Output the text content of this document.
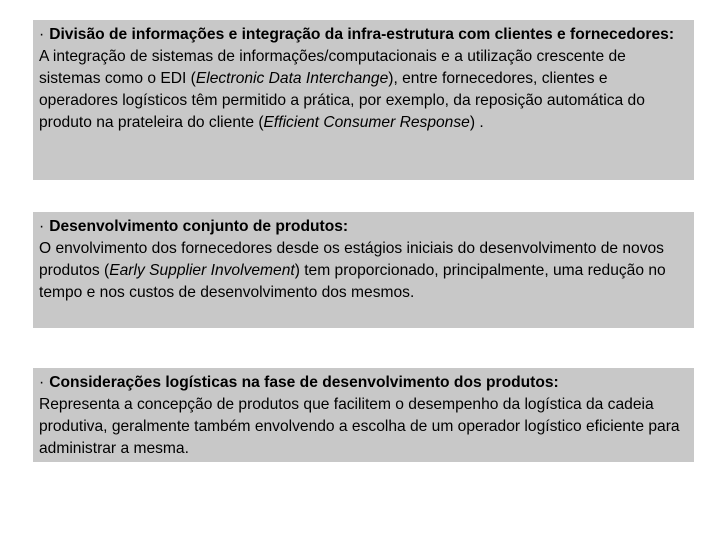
· Divisão de informações e integração da infra-estrutura com clientes e fornecedores:
A integração de sistemas de informações/computacionais e a utilização crescente de sistemas como o EDI (Electronic Data Interchange), entre fornecedores, clientes e operadores logísticos têm permitido a prática, por exemplo, da reposição automática do produto na prateleira do cliente (Efficient Consumer Response) .
· Desenvolvimento conjunto de produtos:
O envolvimento dos fornecedores desde os estágios iniciais do desenvolvimento de novos produtos (Early Supplier Involvement) tem proporcionado, principalmente, uma redução no tempo e nos custos de desenvolvimento dos mesmos.
· Considerações logísticas na fase de desenvolvimento dos produtos:
Representa a concepção de produtos que facilitem o desempenho da logística da cadeia produtiva, geralmente também envolvendo a escolha de um operador logístico eficiente para administrar a mesma.
